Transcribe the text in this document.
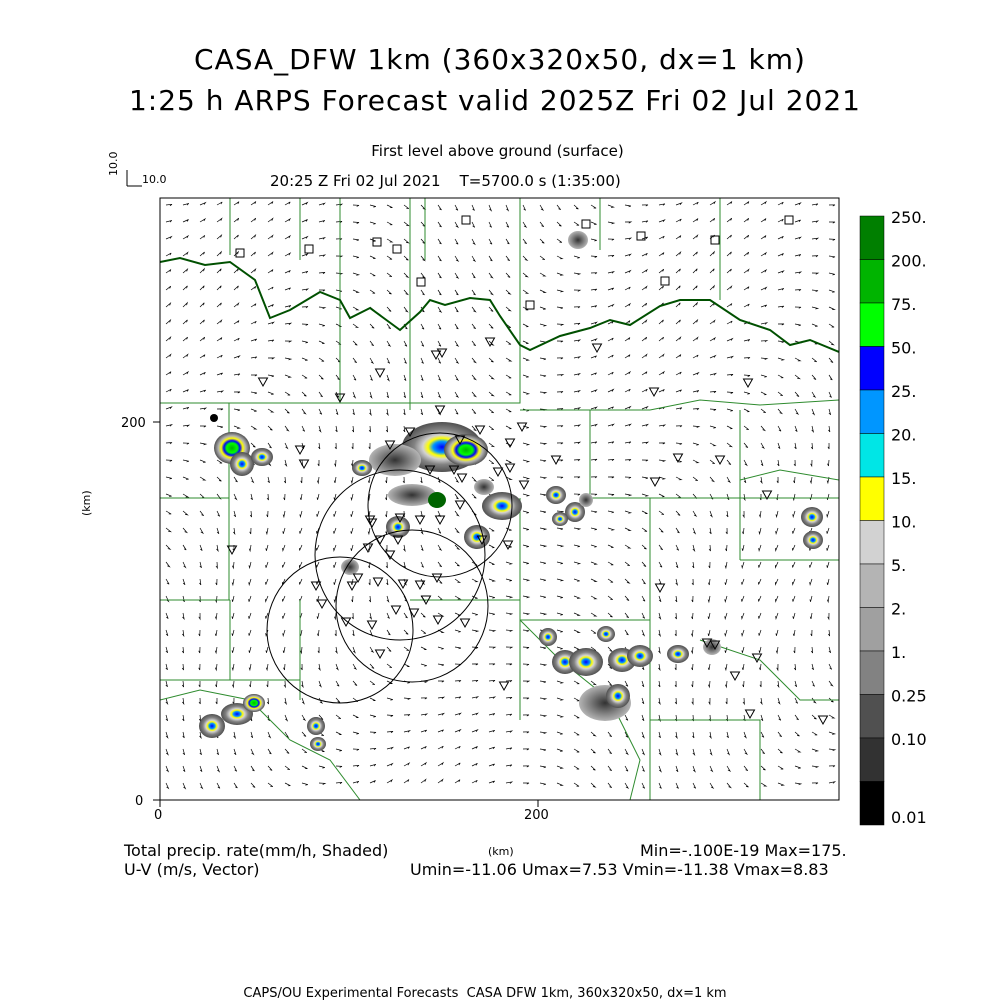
CASA_DFW 1km (360x320x50, dx=1 km)
1:25 h ARPS Forecast valid 2025Z Fri 02 Jul 2021
First level above ground (surface)
20:25 Z Fri 02 Jul 2021    T=5700.0 s (1:35:00)
10.0
10.0
0
200
0	200
(km)
(km)
Total precip. rate(mm/h, Shaded)
U-V (m/s, Vector)
Min=-.100E-19 Max=175.
Umin=-11.06 Umax=7.53 Vmin=-11.38 Vmax=8.83
CAPS/OU Experimental Forecasts  CASA DFW 1km, 360x320x50, dx=1 km
250.
200.
75.
50.
25.
20.
15.
10.
5.
2.
1.
0.25
0.10
0.01
